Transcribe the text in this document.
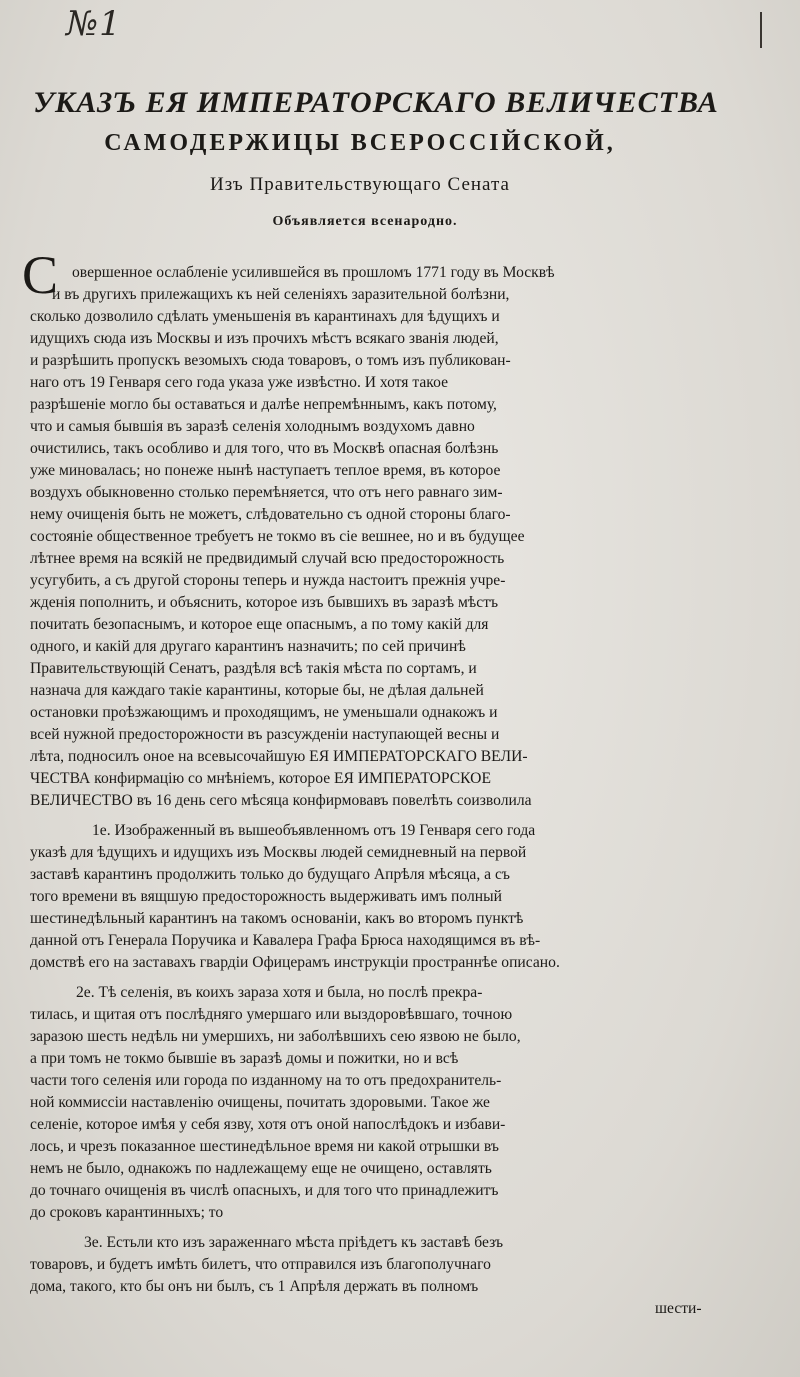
№1
УКАЗЪ ЕЯ ИМПЕРАТОРСКАГО ВЕЛИЧЕСТВА
САМОДЕРЖИЦЫ ВСЕРОССІЙСКОЙ,
Изъ Правительствующаго Сената
Объявляется всенародно.
С овершенное ослабленіе усилившейся въ прошломъ 1771 году въ Москвѣ
и въ другихъ прилежащихъ къ ней селеніяхъ заразительной болѣзни,
сколько дозволило сдѣлать уменьшенія въ карантинахъ для ѣдущихъ и
идущихъ сюда изъ Москвы и изъ прочихъ мѣстъ всякаго званія людей,
и разрѣшить пропускъ везомыхъ сюда товаровъ, о томъ изъ публикован-
наго отъ 19 Генваря сего года указа уже извѣстно. И хотя такое
разрѣшеніе могло бы оставаться и далѣе непремѣннымъ, какъ потому,
что и самыя бывшія въ заразѣ селенія холоднымъ воздухомъ давно
очистились, такъ особливо и для того, что въ Москвѣ опасная болѣзнь
уже миновалась; но понеже нынѣ наступаетъ теплое время, въ которое
воздухъ обыкновенно столько перемѣняется, что отъ него равнаго зим-
нему очищенія быть не можетъ, слѣдовательно съ одной стороны благо-
состояніе общественное требуетъ не токмо въ сіе вешнее, но и въ будущее
лѣтнее время на всякій не предвидимый случай всю предосторожность
усугубить, а съ другой стороны теперь и нужда настоитъ прежнія учре-
жденія пополнить, и объяснить, которое изъ бывшихъ въ заразѣ мѣстъ
почитать безопаснымъ, и которое еще опаснымъ, а по тому какій для
одного, и какій для другаго карантинъ назначить; по сей причинѣ
Правительствующій Сенатъ, раздѣля всѣ такія мѣста по сортамъ, и
назнача для каждаго такіе карантины, которые бы, не дѣлая дальней
остановки проѣзжающимъ и проходящимъ, не уменьшали однакожъ и
всей нужной предосторожности въ разсужденіи наступающей весны и
лѣта, подносилъ оное на всевысочайшую ЕЯ ИМПЕРАТОРСКАГО ВЕЛИ-
ЧЕСТВА конфирмацію со мнѣніемъ, которое ЕЯ ИМПЕРАТОРСКОЕ
ВЕЛИЧЕСТВО въ 16 день сего мѣсяца конфирмовавъ повелѣть соизволила
1е. Изображенный въ вышеобъявленномъ отъ 19 Генваря сего года
указѣ для ѣдущихъ и идущихъ изъ Москвы людей семидневный на первой
заставѣ карантинъ продолжить только до будущаго Апрѣля мѣсяца, а съ
того времени въ вящшую предосторожность выдерживать имъ полный
шестинедѣльный карантинъ на такомъ основаніи, какъ во второмъ пунктѣ
данной отъ Генерала Поручика и Кавалера Графа Брюса находящимся въ вѣ-
домствѣ его на заставахъ гвардіи Офицерамъ инструкціи пространнѣе описано.
2е. Тѣ селенія, въ коихъ зараза хотя и была, но послѣ прекра-
тилась, и щитая отъ послѣдняго умершаго или выздоровѣвшаго, точною
заразою шесть недѣль ни умершихъ, ни заболѣвшихъ сею язвою не было,
а при томъ не токмо бывшіе въ заразѣ домы и пожитки, но и всѣ
части того селенія или города по изданному на то отъ предохранитель-
ной коммиссіи наставленію очищены, почитать здоровыми. Такое же
селеніе, которое имѣя у себя язву, хотя отъ оной напослѣдокъ и избави-
лось, и чрезъ показанное шестинедѣльное время ни какой отрышки въ
немъ не было, однакожъ по надлежащему еще не очищено, оставлять
до точнаго очищенія въ числѣ опасныхъ, и для того что принадлежитъ
до сроковъ карантинныхъ; то
3е. Естьли кто изъ зараженнаго мѣста пріѣдетъ къ заставѣ безъ
товаровъ, и будетъ имѣть билетъ, что отправился изъ благополучнаго
дома, такого, кто бы онъ ни былъ, съ 1 Апрѣля держать въ полномъ
шести-
